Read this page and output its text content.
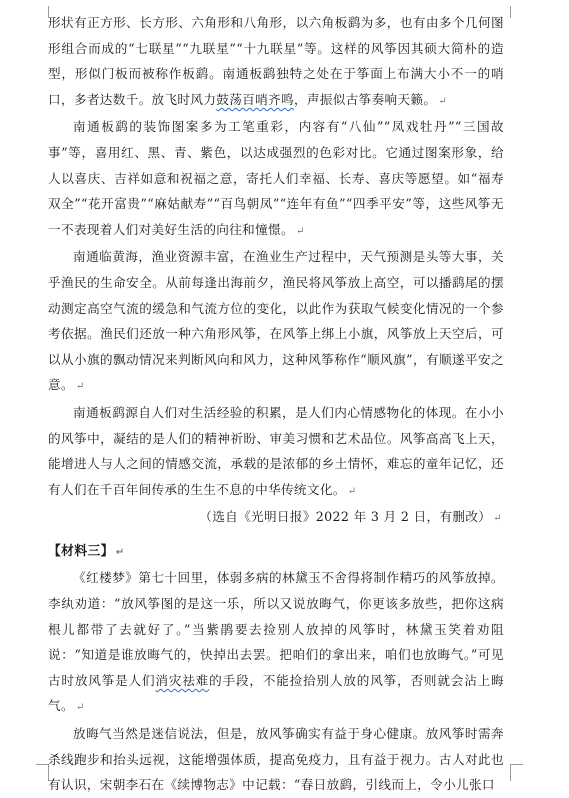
形状有正方形、长方形、六角形和八角形，以六角板鹞为多，也有由多个几何图形组合而成的“七联星”“九联星”“十九联星”等。这样的风筝因其硕大简朴的造型，形似门板而被称作板鹞。南通板鹞独特之处在于筝面上布满大小不一的哨口，多者达数千。放飞时风力鼓荡百哨齐鸣，声振似古筝奏响天籁。 ↵

南通板鹞的装饰图案多为工笔重彩，内容有“八仙”“凤戏牡丹”“三国故事”等，喜用红、黑、青、紫色，以达成强烈的色彩对比。它通过图案形象，给人以喜庆、吉祥如意和祝福之意，寄托人们幸福、长寿、喜庆等愿望。如“福寿双全”“花开富贵”“麻姑献寿”“百鸟朝凤”“连年有鱼”“四季平安”等，这些风筝无一不表现着人们对美好生活的向往和憧憬。 ↵

南通临黄海，渔业资源丰富，在渔业生产过程中，天气预测是头等大事，关乎渔民的生命安全。从前每逢出海前夕，渔民将风筝放上高空，可以播鹞尾的摆动测定高空气流的缓急和气流方位的变化，以此作为获取气候变化情况的一个参考依据。渔民们还放一种六角形风筝，在风筝上绑上小旗，风筝放上天空后，可以从小旗的飘动情况来判断风向和风力，这种风筝称作“顺风旗”，有顺遂平安之意。 ↵

南通板鹞源自人们对生活经验的积累，是人们内心情感物化的体现。在小小的风筝中，凝结的是人们的精神祈盼、审美习惯和艺术品位。风筝高高飞上天，能增进人与人之间的情感交流，承载的是浓郁的乡土情怀，难忘的童年记忆，还有人们在千百年间传承的生生不息的中华传统文化。 ↵

（选自《光明日报》2022 年 3 月 2 日，有删改） ↵

【材料三】 ↵

《红楼梦》第七十回里，体弱多病的林黛玉不舍得将制作精巧的风筝放掉。李纨劝道：“放风筝图的是这一乐，所以又说放晦气，你更该多放些，把你这病根儿都带了去就好了。”当紫鹃要去捡别人放掉的风筝时，林黛玉笑着劝阻说：“知道是谁放晦气的，快掉出去罢。把咱们的拿出来，咱们也放晦气。”可见古时放风筝是人们消灾祛难的手段，不能捡拾别人放的风筝，否则就会沾上晦气。 ↵

放晦气当然是迷信说法，但是，放风筝确实有益于身心健康。放风筝时需奔杀线跑步和抬头远视，这能增强体质，提高免疫力，且有益于视力。古人对此也有认识，宋朝李石在《续博物志》中记载：“春日放鹞，引线而上，令小儿张口
